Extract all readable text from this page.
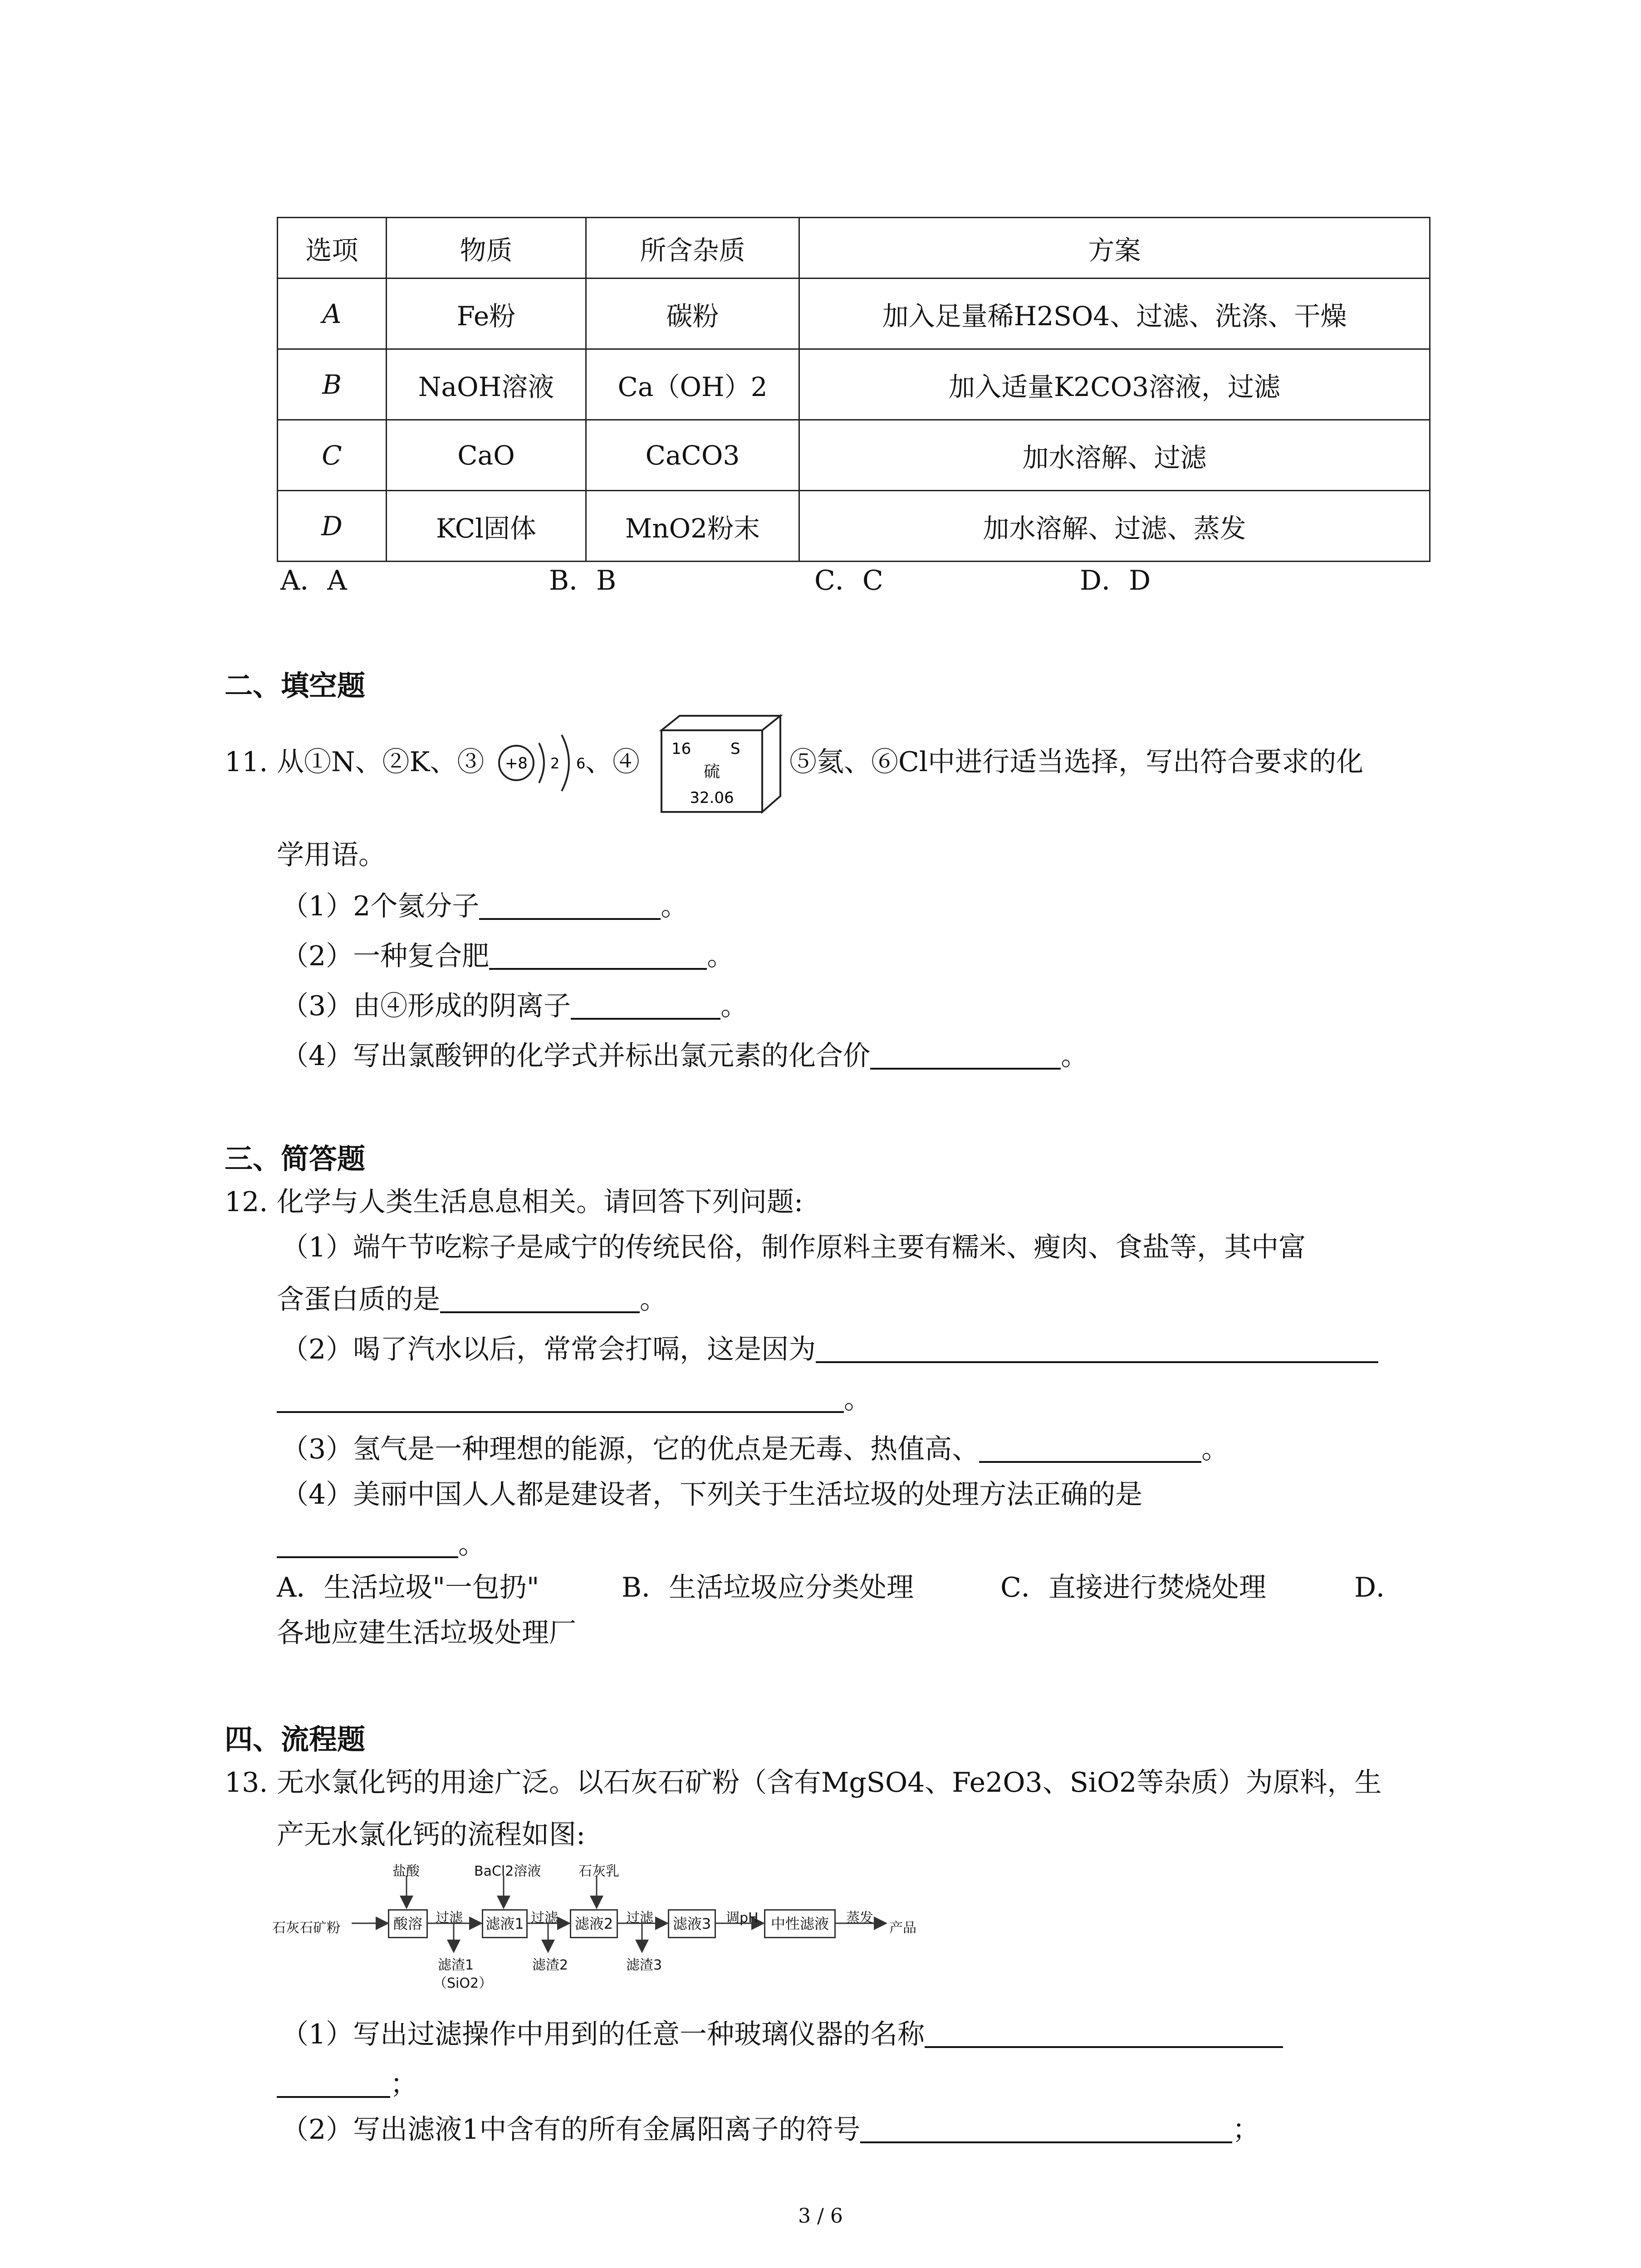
选项	物质	所含杂质	方案
A	Fe粉	碳粉	加入足量稀H2SO4、过滤、洗涤、干燥
B	NaOH溶液	Ca（OH）2	加入适量K2CO3溶液，过滤
C	CaO	CaCO3	加水溶解、过滤
D	KCl固体	MnO2粉末	加水溶解、过滤、蒸发
A．A	B．B	C．C	D．D
二、填空题
11. 从①N、②K、③ +8 2 6 、④ 16	S
硫
32.06
⑤氦、⑥Cl中进行适当选择，写出符合要求的化
学用语。
（1）2个氦分子	。
（2）一种复合肥	。
（3）由④形成的阴离子	。
（4）写出氯酸钾的化学式并标出氯元素的化合价	。
三、简答题
12. 化学与人类生活息息相关。请回答下列问题:
（1）端午节吃粽子是咸宁的传统民俗，制作原料主要有糯米、瘦肉、食盐等，其中富
含蛋白质的是	。
（2）喝了汽水以后，常常会打嗝，这是因为
。
（3）氢气是一种理想的能源，它的优点是无毒、热值高、	。
（4）美丽中国人人都是建设者，下列关于生活垃圾的处理方法正确的是
。
A．生活垃圾"一包扔"	B．生活垃圾应分类处理	C．直接进行焚烧处理	D．
各地应建生活垃圾处理厂
四、流程题
13. 无水氯化钙的用途广泛。以石灰石矿粉（含有MgSO4、Fe2O3、SiO2等杂质）为原料，生
产无水氯化钙的流程如图:
石灰石矿粉	酸溶	滤液1	滤液2	滤液3	中性滤液
盐酸	BaCl2溶液	石灰乳
过滤	过滤	过滤	调pH	蒸发
产品
滤渣1
（SiO2）
滤渣2	滤渣3
（1）写出过滤操作中用到的任意一种玻璃仪器的名称
；
（2）写出滤液1中含有的所有金属阳离子的符号	；
3 / 6
